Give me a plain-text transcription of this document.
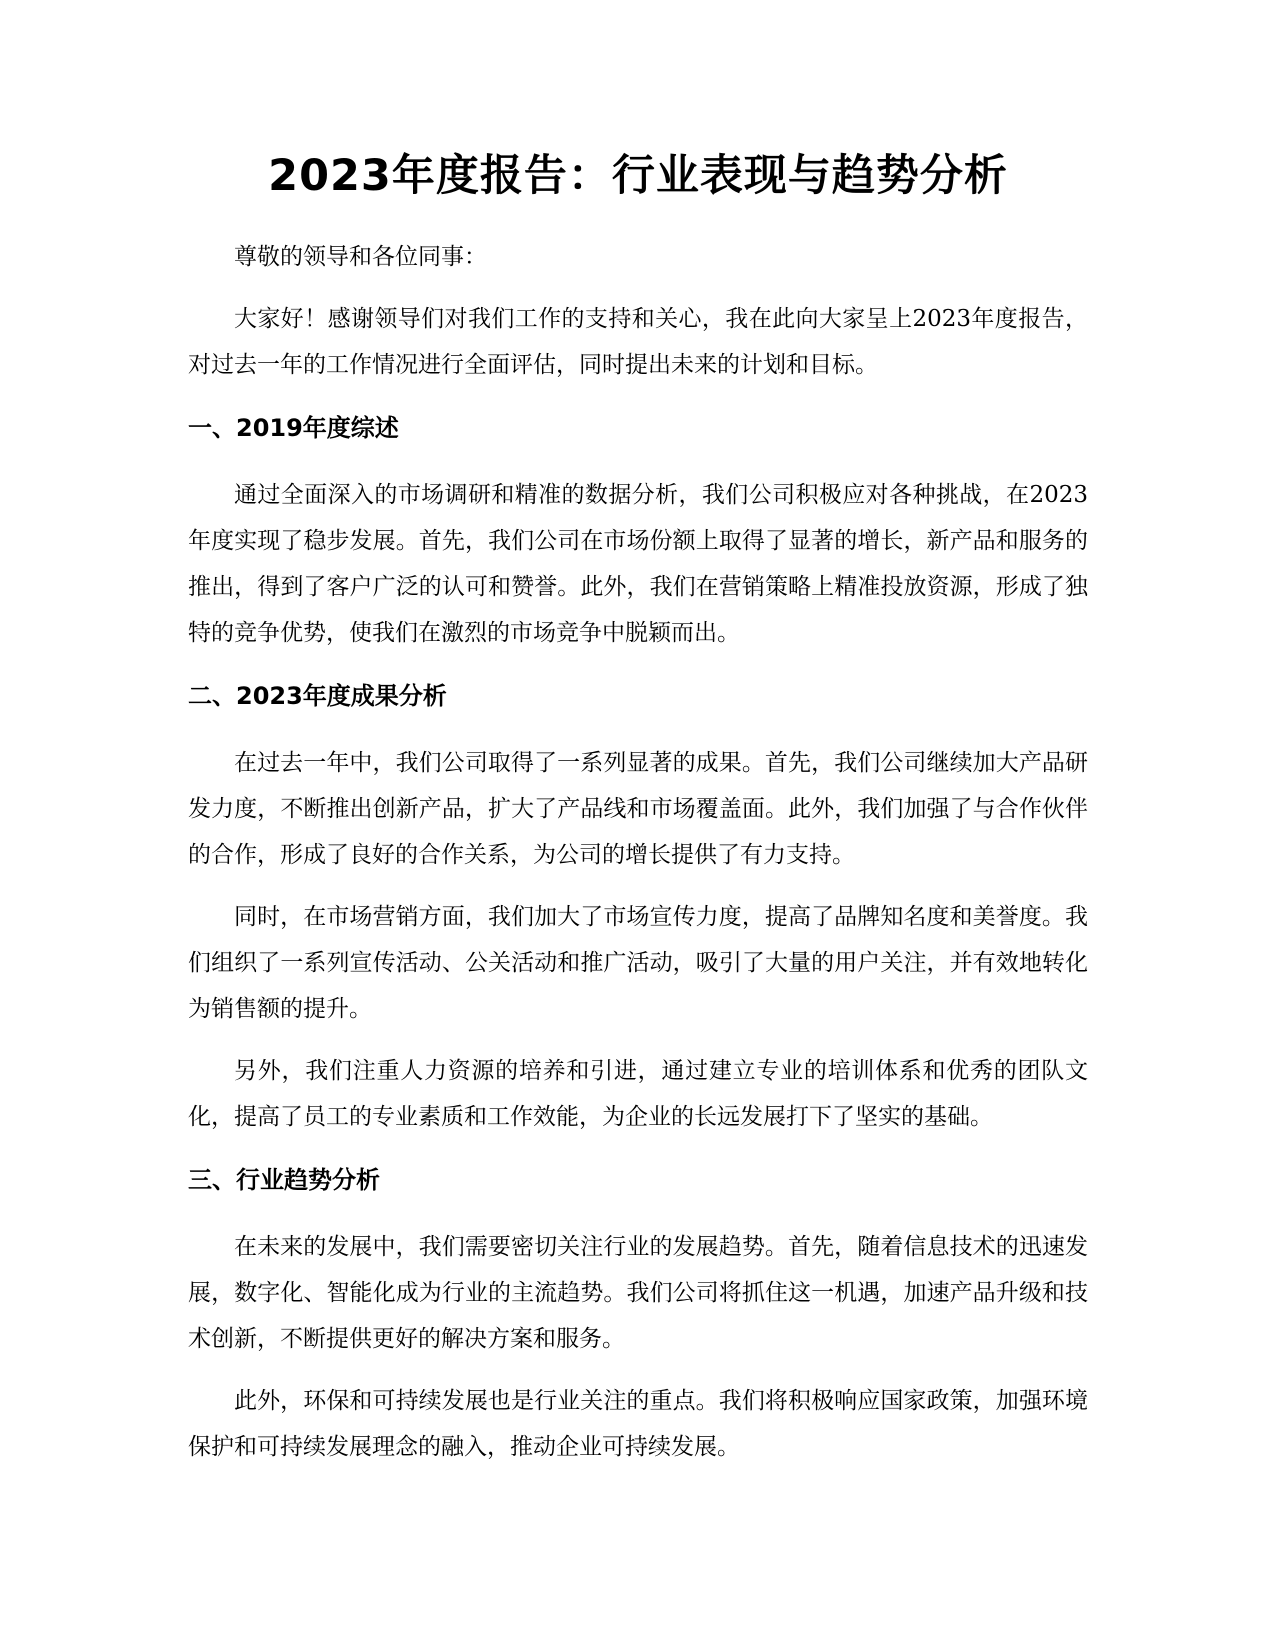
2023年度报告：行业表现与趋势分析

尊敬的领导和各位同事：

大家好！感谢领导们对我们工作的支持和关心，我在此向大家呈上2023年度报告，对过去一年的工作情况进行全面评估，同时提出未来的计划和目标。

一、2019年度综述

通过全面深入的市场调研和精准的数据分析，我们公司积极应对各种挑战，在2023年度实现了稳步发展。首先，我们公司在市场份额上取得了显著的增长，新产品和服务的推出，得到了客户广泛的认可和赞誉。此外，我们在营销策略上精准投放资源，形成了独特的竞争优势，使我们在激烈的市场竞争中脱颖而出。

二、2023年度成果分析

在过去一年中，我们公司取得了一系列显著的成果。首先，我们公司继续加大产品研发力度，不断推出创新产品，扩大了产品线和市场覆盖面。此外，我们加强了与合作伙伴的合作，形成了良好的合作关系，为公司的增长提供了有力支持。

同时，在市场营销方面，我们加大了市场宣传力度，提高了品牌知名度和美誉度。我们组织了一系列宣传活动、公关活动和推广活动，吸引了大量的用户关注，并有效地转化为销售额的提升。

另外，我们注重人力资源的培养和引进，通过建立专业的培训体系和优秀的团队文化，提高了员工的专业素质和工作效能，为企业的长远发展打下了坚实的基础。

三、行业趋势分析

在未来的发展中，我们需要密切关注行业的发展趋势。首先，随着信息技术的迅速发展，数字化、智能化成为行业的主流趋势。我们公司将抓住这一机遇，加速产品升级和技术创新，不断提供更好的解决方案和服务。

此外，环保和可持续发展也是行业关注的重点。我们将积极响应国家政策，加强环境保护和可持续发展理念的融入，推动企业可持续发展。
